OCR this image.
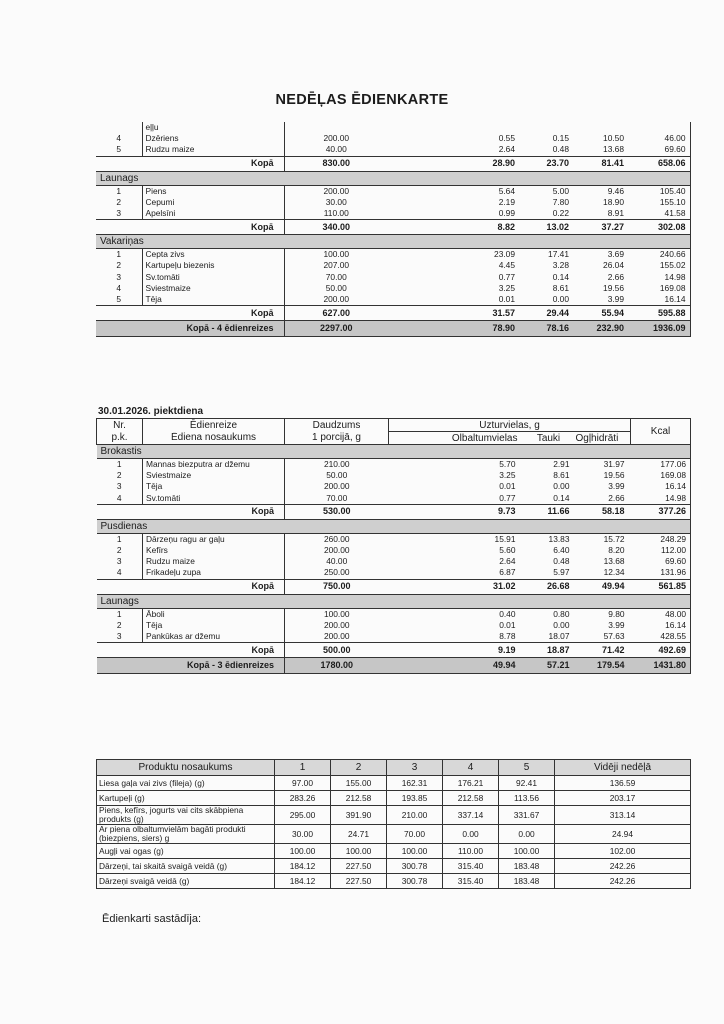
NEDĒĻAS ĒDIENKARTE
	eļļu					
4	Dzēriens	200.00	0.55	0.15	10.50	46.00
5	Rudzu maize	40.00	2.64	0.48	13.68	69.60
Kopā		830.00	28.90	23.70	81.41	658.06
Launags						
1	Piens	200.00	5.64	5.00	9.46	105.40
2	Cepumi	30.00	2.19	7.80	18.90	155.10
3	Apelsīni	110.00	0.99	0.22	8.91	41.58
Kopā		340.00	8.82	13.02	37.27	302.08
Vakariņas						
1	Cepta zivs	100.00	23.09	17.41	3.69	240.66
2	Kartupeļu biezenis	207.00	4.45	3.28	26.04	155.02
3	Sv.tomāti	70.00	0.77	0.14	2.66	14.98
4	Sviestmaize	50.00	3.25	8.61	19.56	169.08
5	Tēja	200.00	0.01	0.00	3.99	16.14
Kopā		627.00	31.57	29.44	55.94	595.88
Kopā - 4 ēdienreizes		2297.00	78.90	78.16	232.90	1936.09
30.01.2026. piektdiena
Nr.	Ēdienreize	Daudzums	Uzturvielas, g			Kcal
p.k.	Ēdiena nosaukums	1 porcijā, g	Olbaltumvielas	Tauki	Ogļhidrāti	
Brokastis						
1	Mannas biezputra ar džemu	210.00	5.70	2.91	31.97	177.06
2	Sviestmaize	50.00	3.25	8.61	19.56	169.08
3	Tēja	200.00	0.01	0.00	3.99	16.14
4	Sv.tomāti	70.00	0.77	0.14	2.66	14.98
Kopā		530.00	9.73	11.66	58.18	377.26
Pusdienas						
1	Dārzeņu ragu ar gaļu	260.00	15.91	13.83	15.72	248.29
2	Kefīrs	200.00	5.60	6.40	8.20	112.00
3	Rudzu maize	40.00	2.64	0.48	13.68	69.60
4	Frikadeļu zupa	250.00	6.87	5.97	12.34	131.96
Kopā		750.00	31.02	26.68	49.94	561.85
Launags						
1	Āboli	100.00	0.40	0.80	9.80	48.00
2	Tēja	200.00	0.01	0.00	3.99	16.14
3	Pankūkas ar džemu	200.00	8.78	18.07	57.63	428.55
Kopā		500.00	9.19	18.87	71.42	492.69
Kopā - 3 ēdienreizes		1780.00	49.94	57.21	179.54	1431.80
Produktu nosaukums	1	2	3	4	5	Vidēji nedēļā
Liesa gaļa vai zivs (fileja) (g)	97.00	155.00	162.31	176.21	92.41	136.59
Kartupeļi (g)	283.26	212.58	193.85	212.58	113.56	203.17
Piens, kefīrs, jogurts vai cits skābpiena produkts (g)	295.00	391.90	210.00	337.14	331.67	313.14
Ar piena olbaltumvielām bagāti produkti (biezpiens, siers) g	30.00	24.71	70.00	0.00	0.00	24.94
Augļi vai ogas (g)	100.00	100.00	100.00	110.00	100.00	102.00
Dārzeņi, tai skaitā svaigā veidā (g)	184.12	227.50	300.78	315.40	183.48	242.26
Dārzeņi svaigā veidā (g)	184.12	227.50	300.78	315.40	183.48	242.26
Ēdienkarti sastādīja:
